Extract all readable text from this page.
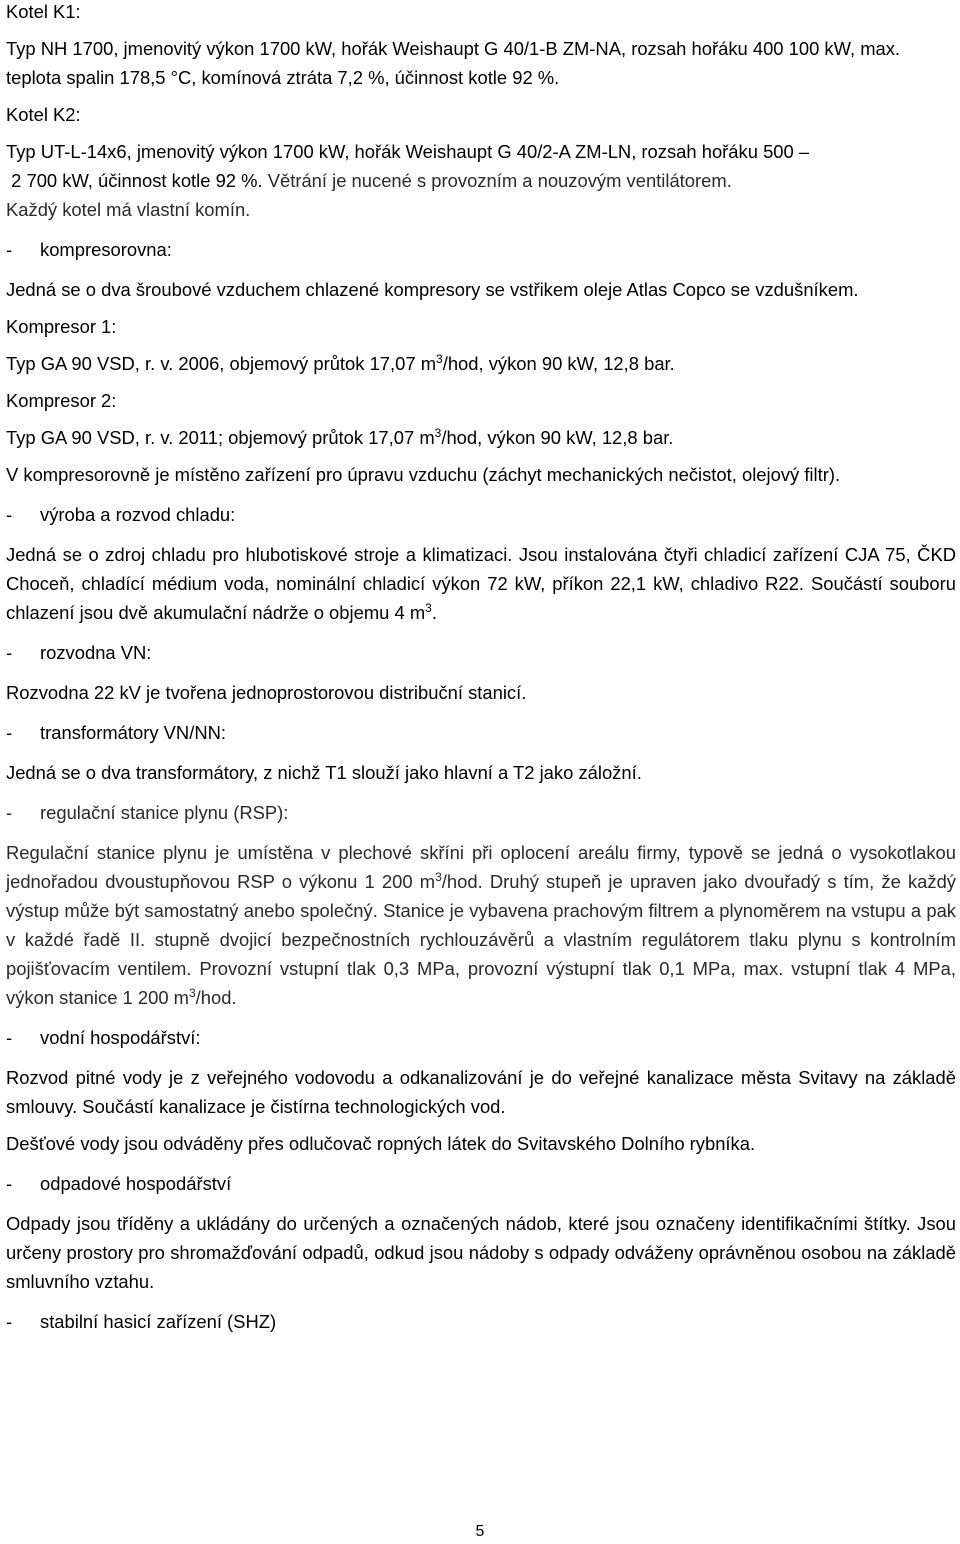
Kotel K1:

Typ NH 1700, jmenovitý výkon 1700 kW, hořák Weishaupt G 40/1-B ZM-NA, rozsah hořáku 400 100 kW, max. teplota spalin 178,5 °C, komínová ztráta 7,2 %, účinnost kotle 92 %.

Kotel K2:

Typ UT-L-14x6, jmenovitý výkon 1700 kW, hořák Weishaupt G 40/2-A ZM-LN, rozsah hořáku 500 –

2 700 kW, účinnost kotle 92 %. Větrání je nucené s provozním a nouzovým ventilátorem.

Každý kotel má vlastní komín.

-kompresorovna:

Jedná se o dva šroubové vzduchem chlazené kompresory se vstřikem oleje Atlas Copco se vzdušníkem.

Kompresor 1:

Typ GA 90 VSD, r. v. 2006, objemový průtok 17,07 $m^3$/hod, výkon 90 kW, 12,8 bar.

Kompresor 2:

Typ GA 90 VSD, r. v. 2011; objemový průtok 17,07 $m^3$/hod, výkon 90 kW, 12,8 bar.

V kompresorovně je místěno zařízení pro úpravu vzduchu (záchyt mechanických nečistot, olejový filtr).

-výroba a rozvod chladu:

Jedná se o zdroj chladu pro hlubotiskové stroje a klimatizaci. Jsou instalována čtyři chladicí zařízení CJA 75, ČKD Choceň, chladící médium voda, nominální chladicí výkon 72 kW, příkon 22,1 kW, chladivo R22. Součástí souboru chlazení jsou dvě akumulační nádrže o objemu 4 $m^3$.

-rozvodna VN:

Rozvodna 22 kV je tvořena jednoprostorovou distribuční stanicí.

-transformátory VN/NN:

Jedná se o dva transformátory, z nichž T1 slouží jako hlavní a T2 jako záložní.

-regulační stanice plynu (RSP):

Regulační stanice plynu je umístěna v plechové skříni při oplocení areálu firmy, typově se jedná o vysokotlakou jednořadou dvoustupňovou RSP o výkonu 1 200 $m^3$/hod. Druhý stupeň je upraven jako dvouřadý s tím, že každý výstup může být samostatný anebo společný. Stanice je vybavena prachovým filtrem a plynoměrem na vstupu a pak v každé řadě II. stupně dvojicí bezpečnostních rychlouzávěrů a vlastním regulátorem tlaku plynu s kontrolním pojišťovacím ventilem. Provozní vstupní tlak 0,3 MPa, provozní výstupní tlak 0,1 MPa, max. vstupní tlak 4 MPa, výkon stanice 1 200 $m^3$/hod.

-vodní hospodářství:

Rozvod pitné vody je z veřejného vodovodu a odkanalizování je do veřejné kanalizace města Svitavy na základě smlouvy. Součástí kanalizace je čistírna technologických vod.

Dešťové vody jsou odváděny přes odlučovač ropných látek do Svitavského Dolního rybníka.

-odpadové hospodářství

Odpady jsou tříděny a ukládány do určených a označených nádob, které jsou označeny identifikačními štítky. Jsou určeny prostory pro shromažďování odpadů, odkud jsou nádoby s odpady odváženy oprávněnou osobou na základě smluvního vztahu.

-stabilní hasicí zařízení (SHZ)

5
